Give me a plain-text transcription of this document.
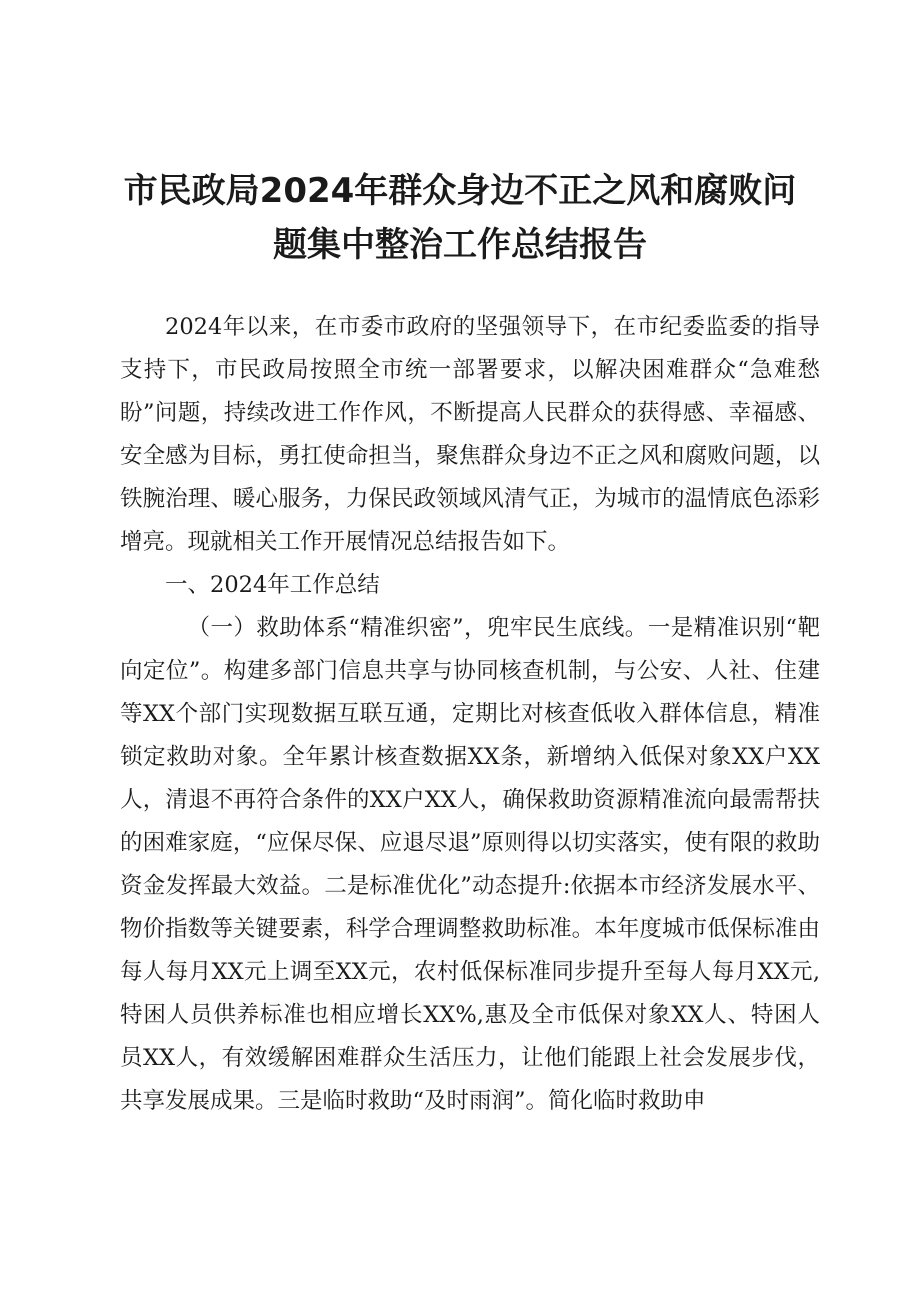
市民政局2024年群众身边不正之风和腐败问
题集中整治工作总结报告

2024年以来，在市委市政府的坚强领导下，在市纪委监委的指导支持下，市民政局按照全市统一部署要求，以解决困难群众“急难愁盼”问题，持续改进工作作风，不断提高人民群众的获得感、幸福感、安全感为目标，勇扛使命担当，聚焦群众身边不正之风和腐败问题，以铁腕治理、暖心服务，力保民政领域风清气正，为城市的温情底色添彩增亮。现就相关工作开展情况总结报告如下。

一、2024年工作总结

（一）救助体系“精准织密”，兜牢民生底线。一是精准识别“靶向定位”。构建多部门信息共享与协同核查机制，与公安、人社、住建等XX个部门实现数据互联互通，定期比对核查低收入群体信息，精准锁定救助对象。全年累计核查数据XX条，新增纳入低保对象XX户XX人，清退不再符合条件的XX户XX人，确保救助资源精准流向最需帮扶的困难家庭，“应保尽保、应退尽退”原则得以切实落实，使有限的救助资金发挥最大效益。二是标准优化”动态提升:依据本市经济发展水平、物价指数等关键要素，科学合理调整救助标准。本年度城市低保标准由每人每月XX元上调至XX元，农村低保标准同步提升至每人每月XX元,特困人员供养标准也相应增长XX%,惠及全市低保对象XX人、特困人员XX人，有效缓解困难群众生活压力，让他们能跟上社会发展步伐，共享发展成果。三是临时救助“及时雨润”。简化临时救助申
